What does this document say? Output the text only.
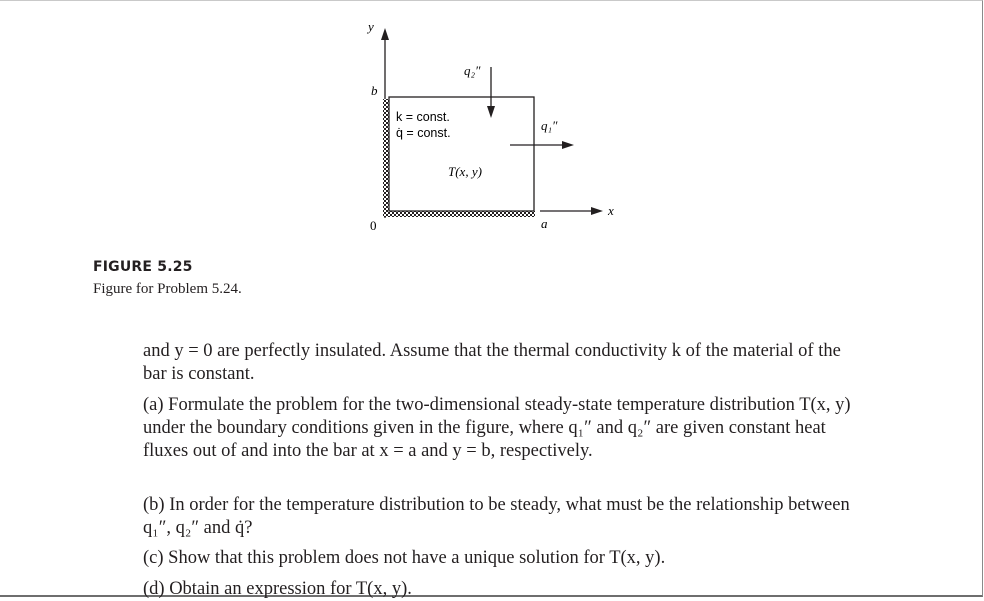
y
x
b
0	a
k = const.
q̇ = const.
T(x, y)
q₂″
q₁″
FIGURE 5.25
Figure for Problem 5.24.

and y = 0 are perfectly insulated. Assume that the thermal conductivity k of the material of the bar is constant.

(a) Formulate the problem for the two-dimensional steady-state temperature distribution T(x, y) under the boundary conditions given in the figure, where q₁″ and q₂″ are given constant heat fluxes out of and into the bar at x = a and y = b, respectively.

(b) In order for the temperature distribution to be steady, what must be the relationship between q₁″, q₂″ and q̇?

(c) Show that this problem does not have a unique solution for T(x, y).

(d) Obtain an expression for T(x, y).
